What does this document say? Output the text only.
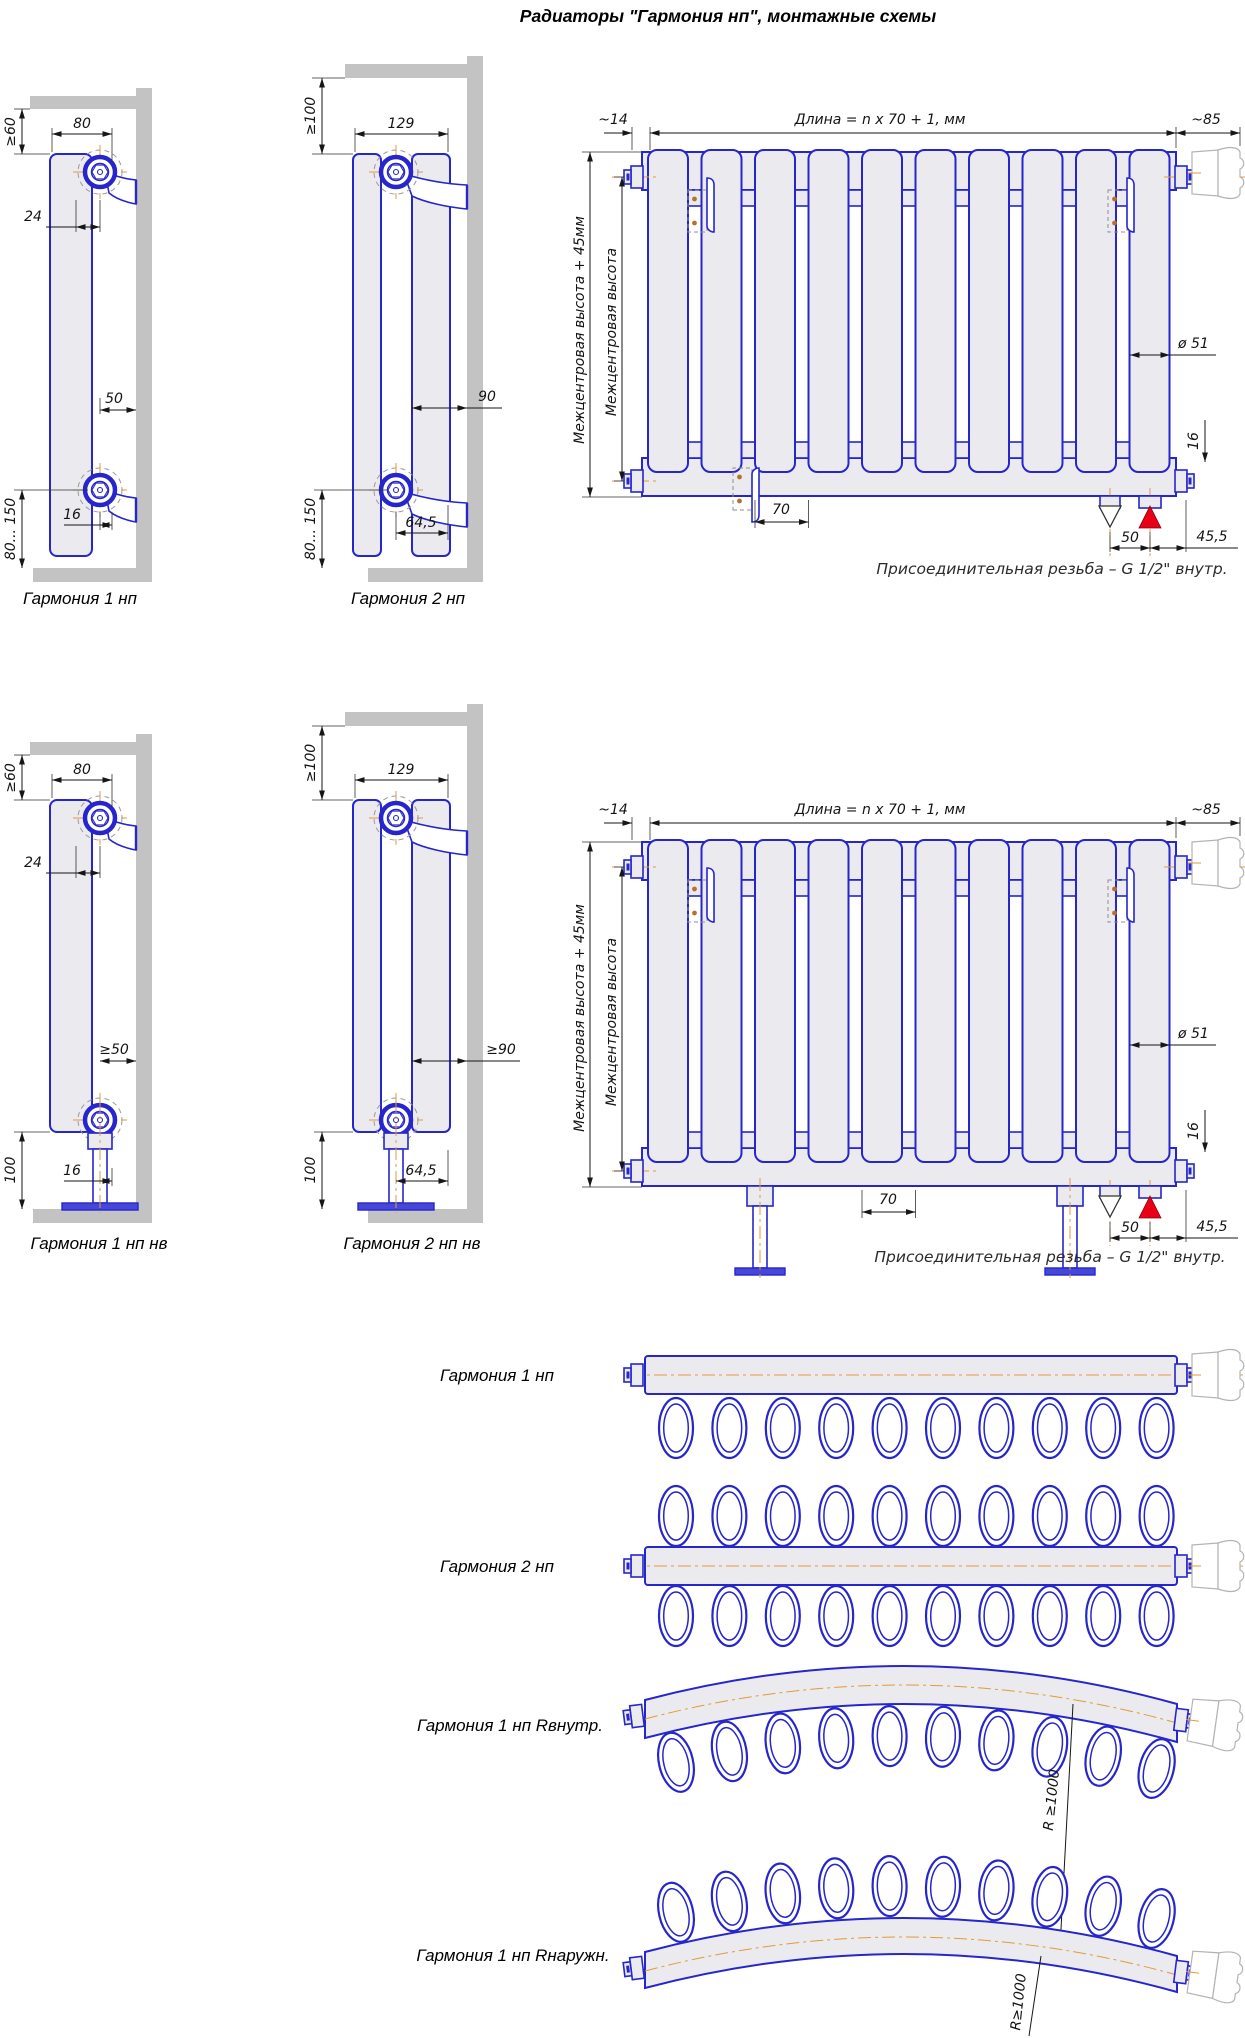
Радиаторы "Гармония нп", монтажные схемы
≥60	80
24
50
16
80... 150
Гармония 1 нп
≥100	129
90
64,5
80... 150
Гармония 2 нп
~14	Длина = n x 70 + 1, мм	~85
Межцентровая высота + 45мм Межцентровая высота	ø 51
16
70
50	45,5
Присоединительная резьба – G 1/2" внутр.
≥60	80
24
≥50
16
100
Гармония 1 нп нв
≥100	129
≥90
64,5
100
Гармония 2 нп нв
~14	Длина = n x 70 + 1, мм	~85
Межцентровая высота + 45мм Межцентровая высота	ø 51
16
70
50	45,5
Присоединительная резьба – G 1/2" внутр.
Гармония 1 нп
Гармония 2 нп
R ≥1000
Гармония 1 нп Rвнутр.
R≥1000
Гармония 1 нп Rнаружн.
